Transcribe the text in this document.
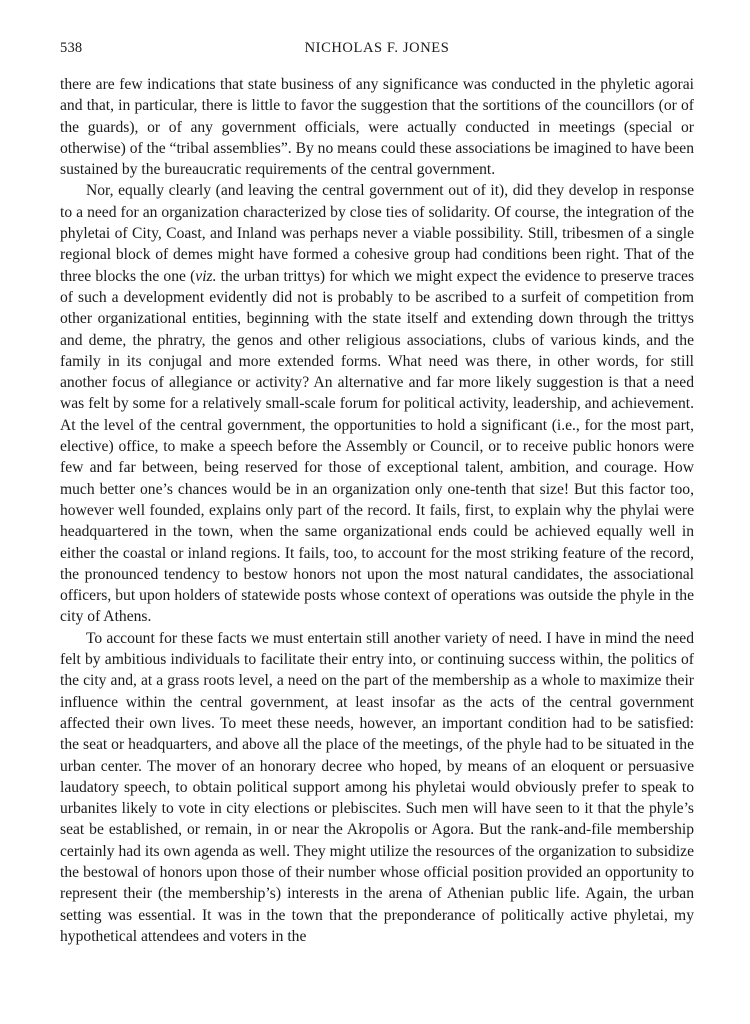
538	NICHOLAS F. JONES

there are few indications that state business of any significance was conducted in the phyletic agorai and that, in particular, there is little to favor the suggestion that the sortitions of the councillors (or of the guards), or of any government officials, were actually conducted in meetings (special or otherwise) of the “tribal assemblies”. By no means could these associations be imagined to have been sustained by the bureaucratic requirements of the central government.

Nor, equally clearly (and leaving the central government out of it), did they develop in response to a need for an organization characterized by close ties of solidarity. Of course, the integration of the phyletai of City, Coast, and Inland was perhaps never a viable possibility. Still, tribesmen of a single regional block of demes might have formed a cohesive group had conditions been right. That of the three blocks the one (viz. the urban trittys) for which we might expect the evidence to preserve traces of such a development evidently did not is probably to be ascribed to a surfeit of competition from other organizational entities, beginning with the state itself and extending down through the trittys and deme, the phratry, the genos and other religious associations, clubs of various kinds, and the family in its conjugal and more extended forms. What need was there, in other words, for still another focus of allegiance or activity? An alternative and far more likely suggestion is that a need was felt by some for a relatively small-scale forum for political activity, leadership, and achievement. At the level of the central government, the opportunities to hold a significant (i.e., for the most part, elective) office, to make a speech before the Assembly or Council, or to receive public honors were few and far between, being reserved for those of exceptional talent, ambition, and courage. How much better one’s chances would be in an organization only one-tenth that size! But this factor too, however well founded, explains only part of the record. It fails, first, to explain why the phylai were headquartered in the town, when the same organizational ends could be achieved equally well in either the coastal or inland regions. It fails, too, to account for the most striking feature of the record, the pronounced tendency to bestow honors not upon the most natural candidates, the associational officers, but upon holders of statewide posts whose context of operations was outside the phyle in the city of Athens.

To account for these facts we must entertain still another variety of need. I have in mind the need felt by ambitious individuals to facilitate their entry into, or continuing success within, the politics of the city and, at a grass roots level, a need on the part of the membership as a whole to maximize their influence within the central government, at least insofar as the acts of the central government affected their own lives. To meet these needs, however, an important condition had to be satisfied: the seat or headquarters, and above all the place of the meetings, of the phyle had to be situated in the urban center. The mover of an honorary decree who hoped, by means of an eloquent or persuasive laudatory speech, to obtain political support among his phyletai would obviously prefer to speak to urbanites likely to vote in city elections or plebiscites. Such men will have seen to it that the phyle’s seat be established, or remain, in or near the Akropolis or Agora. But the rank-and-file membership certainly had its own agenda as well. They might utilize the resources of the organization to subsidize the bestowal of honors upon those of their number whose official position provided an opportunity to represent their (the membership’s) interests in the arena of Athenian public life. Again, the urban setting was essential. It was in the town that the preponderance of politically active phyletai, my hypothetical attendees and voters in the
